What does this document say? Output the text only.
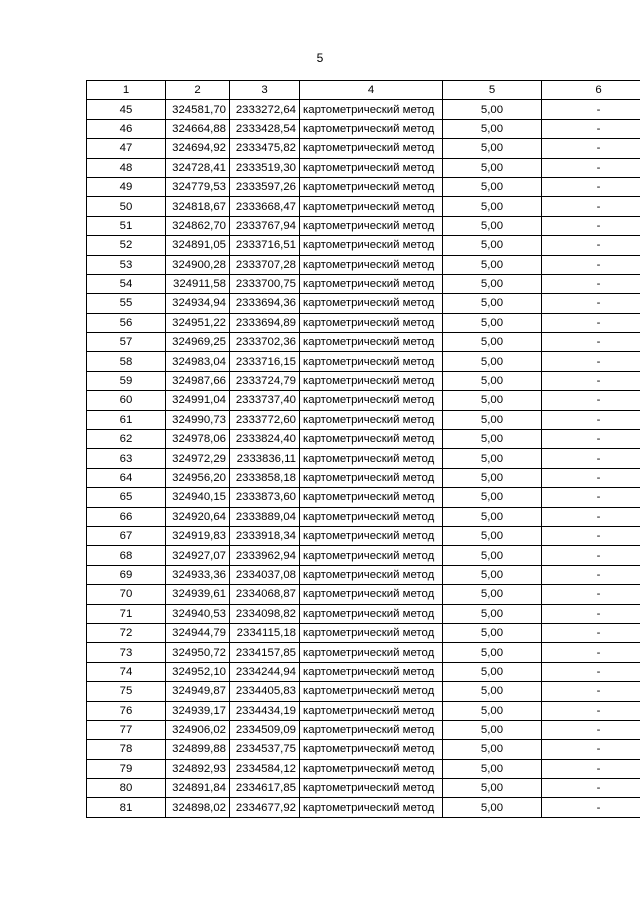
5
1	2	3	4	5	6
45	324581,70	2333272,64	картометрический метод	5,00	-
46	324664,88	2333428,54	картометрический метод	5,00	-
47	324694,92	2333475,82	картометрический метод	5,00	-
48	324728,41	2333519,30	картометрический метод	5,00	-
49	324779,53	2333597,26	картометрический метод	5,00	-
50	324818,67	2333668,47	картометрический метод	5,00	-
51	324862,70	2333767,94	картометрический метод	5,00	-
52	324891,05	2333716,51	картометрический метод	5,00	-
53	324900,28	2333707,28	картометрический метод	5,00	-
54	324911,58	2333700,75	картометрический метод	5,00	-
55	324934,94	2333694,36	картометрический метод	5,00	-
56	324951,22	2333694,89	картометрический метод	5,00	-
57	324969,25	2333702,36	картометрический метод	5,00	-
58	324983,04	2333716,15	картометрический метод	5,00	-
59	324987,66	2333724,79	картометрический метод	5,00	-
60	324991,04	2333737,40	картометрический метод	5,00	-
61	324990,73	2333772,60	картометрический метод	5,00	-
62	324978,06	2333824,40	картометрический метод	5,00	-
63	324972,29	2333836,11	картометрический метод	5,00	-
64	324956,20	2333858,18	картометрический метод	5,00	-
65	324940,15	2333873,60	картометрический метод	5,00	-
66	324920,64	2333889,04	картометрический метод	5,00	-
67	324919,83	2333918,34	картометрический метод	5,00	-
68	324927,07	2333962,94	картометрический метод	5,00	-
69	324933,36	2334037,08	картометрический метод	5,00	-
70	324939,61	2334068,87	картометрический метод	5,00	-
71	324940,53	2334098,82	картометрический метод	5,00	-
72	324944,79	2334115,18	картометрический метод	5,00	-
73	324950,72	2334157,85	картометрический метод	5,00	-
74	324952,10	2334244,94	картометрический метод	5,00	-
75	324949,87	2334405,83	картометрический метод	5,00	-
76	324939,17	2334434,19	картометрический метод	5,00	-
77	324906,02	2334509,09	картометрический метод	5,00	-
78	324899,88	2334537,75	картометрический метод	5,00	-
79	324892,93	2334584,12	картометрический метод	5,00	-
80	324891,84	2334617,85	картометрический метод	5,00	-
81	324898,02	2334677,92	картометрический метод	5,00	-
